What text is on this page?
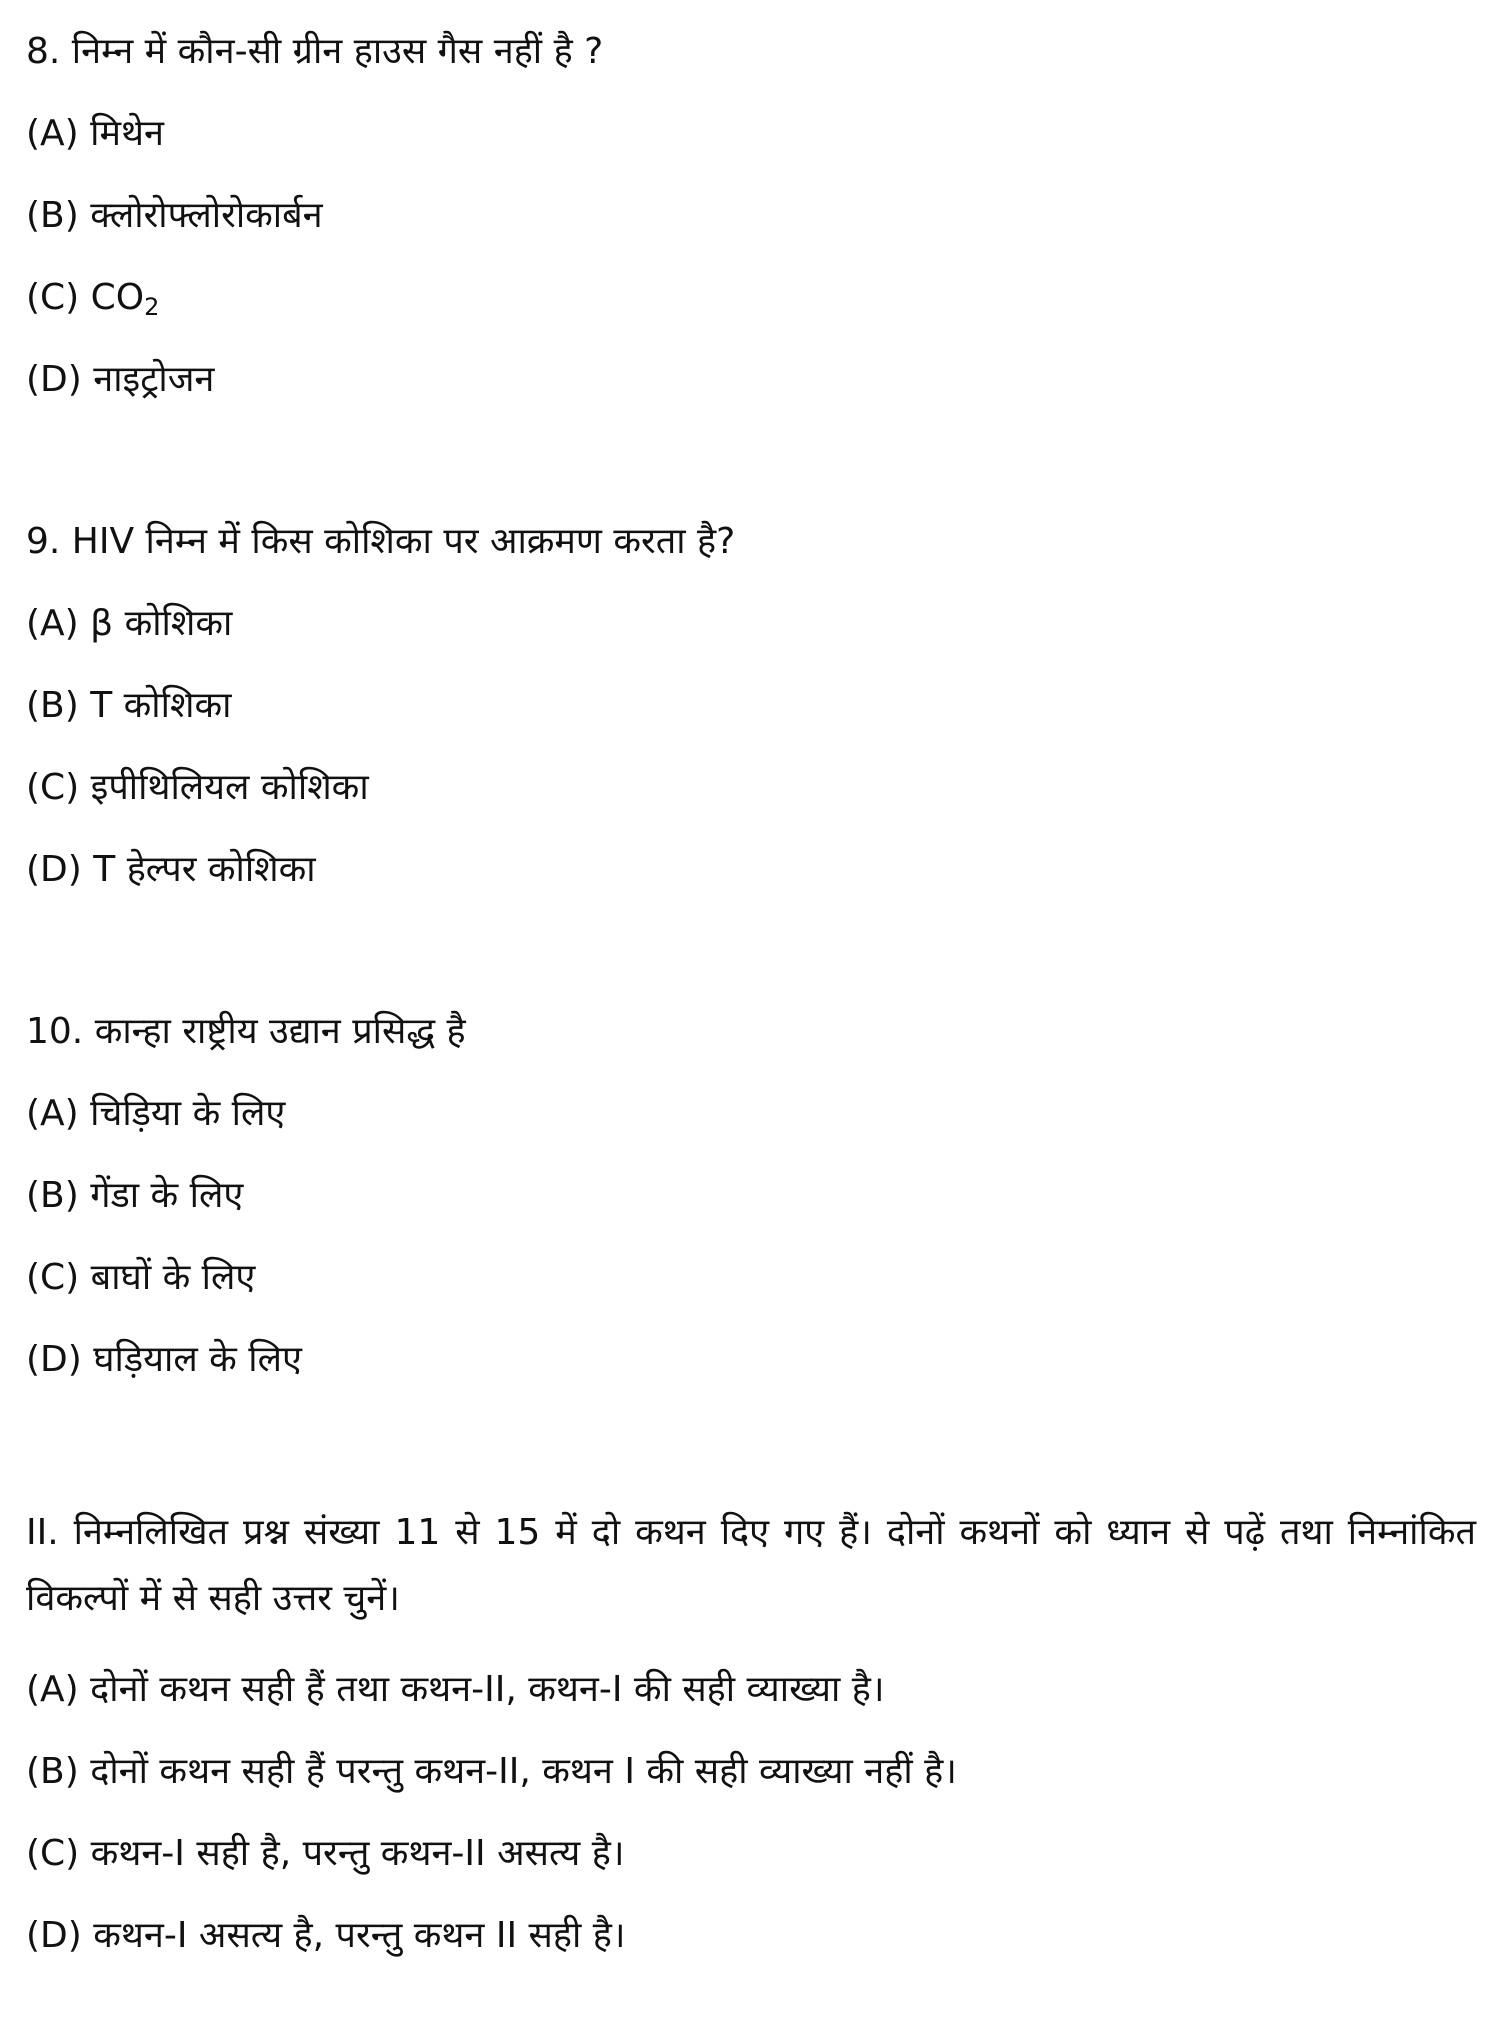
8. निम्न में कौन-सी ग्रीन हाउस गैस नहीं है ?

(A) मिथेन

(B) क्लोरोफ्लोरोकार्बन

(C) $CO_2$

(D) नाइट्रोजन

9. HIV निम्न में किस कोशिका पर आक्रमण करता है?

(A) β कोशिका

(B) T कोशिका

(C) इपीथिलियल कोशिका

(D) T हेल्पर कोशिका

10. कान्हा राष्ट्रीय उद्यान प्रसिद्ध है

(A) चिड़िया के लिए

(B) गेंडा के लिए

(C) बाघों के लिए

(D) घड़ियाल के लिए

II. निम्नलिखित प्रश्न संख्या 11 से 15 में दो कथन दिए गए हैं। दोनों कथनों को ध्यान से पढ़ें तथा निम्नांकित विकल्पों में से सही उत्तर चुनें।

(A) दोनों कथन सही हैं तथा कथन-II, कथन-I की सही व्याख्या है।

(B) दोनों कथन सही हैं परन्तु कथन-II, कथन I की सही व्याख्या नहीं है।

(C) कथन-I सही है, परन्तु कथन-II असत्य है।

(D) कथन-I असत्य है, परन्तु कथन II सही है।
